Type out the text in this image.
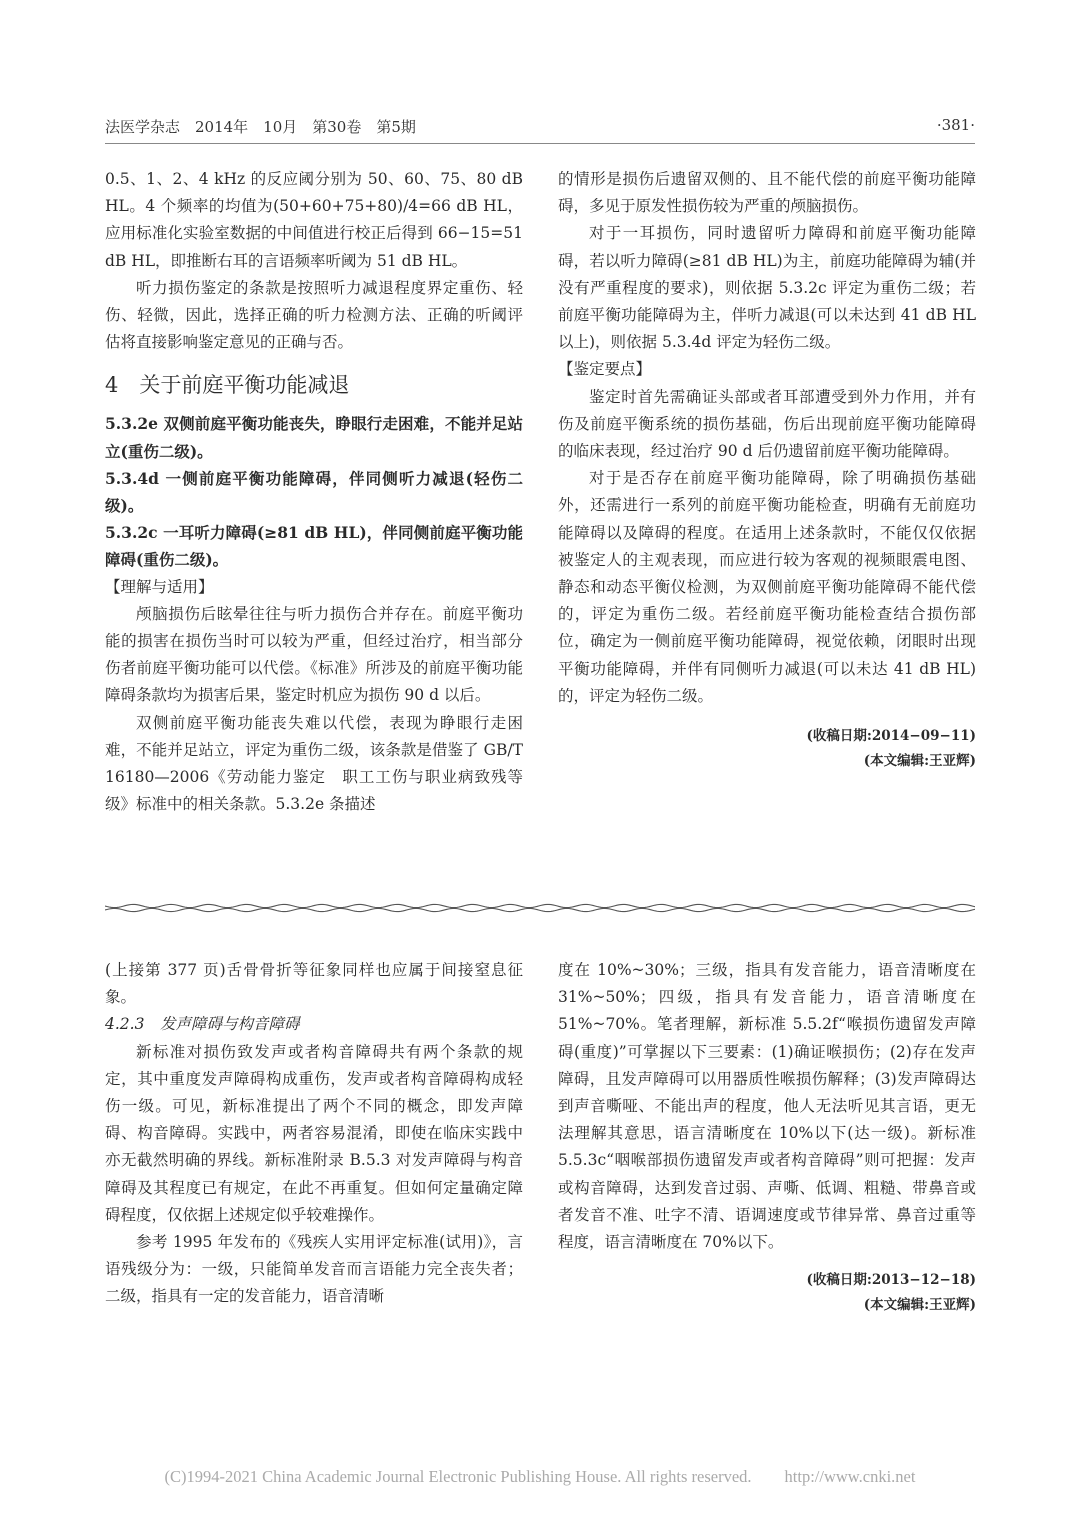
法医学杂志　2014年　10月　第30卷　第5期	·381·

0.5、1、2、4 kHz 的反应阈分别为 50、60、75、80 dB HL。4 个频率的均值为(50+60+75+80)/4=66 dB HL，应用标准化实验室数据的中间值进行校正后得到 66−15=51 dB HL，即推断右耳的言语频率听阈为 51 dB HL。

听力损伤鉴定的条款是按照听力减退程度界定重伤、轻伤、轻微，因此，选择正确的听力检测方法、正确的听阈评估将直接影响鉴定意见的正确与否。

4　关于前庭平衡功能减退

5.3.2e 双侧前庭平衡功能丧失，睁眼行走困难，不能并足站立(重伤二级)。

5.3.4d 一侧前庭平衡功能障碍，伴同侧听力减退(轻伤二级)。

5.3.2c 一耳听力障碍(≥81 dB HL)，伴同侧前庭平衡功能障碍(重伤二级)。

【理解与适用】

颅脑损伤后眩晕往往与听力损伤合并存在。前庭平衡功能的损害在损伤当时可以较为严重，但经过治疗，相当部分伤者前庭平衡功能可以代偿。《标准》所涉及的前庭平衡功能障碍条款均为损害后果，鉴定时机应为损伤 90 d 以后。

双侧前庭平衡功能丧失难以代偿，表现为睁眼行走困难，不能并足站立，评定为重伤二级，该条款是借鉴了 GB/T 16180—2006《劳动能力鉴定　职工工伤与职业病致残等级》标准中的相关条款。5.3.2e 条描述

的情形是损伤后遗留双侧的、且不能代偿的前庭平衡功能障碍，多见于原发性损伤较为严重的颅脑损伤。

对于一耳损伤，同时遗留听力障碍和前庭平衡功能障碍，若以听力障碍(≥81 dB HL)为主，前庭功能障碍为辅(并没有严重程度的要求)，则依据 5.3.2c 评定为重伤二级；若前庭平衡功能障碍为主，伴听力减退(可以未达到 41 dB HL 以上)，则依据 5.3.4d 评定为轻伤二级。

【鉴定要点】

鉴定时首先需确证头部或者耳部遭受到外力作用，并有伤及前庭平衡系统的损伤基础，伤后出现前庭平衡功能障碍的临床表现，经过治疗 90 d 后仍遗留前庭平衡功能障碍。

对于是否存在前庭平衡功能障碍，除了明确损伤基础外，还需进行一系列的前庭平衡功能检查，明确有无前庭功能障碍以及障碍的程度。在适用上述条款时，不能仅仅依据被鉴定人的主观表现，而应进行较为客观的视频眼震电图、静态和动态平衡仪检测，为双侧前庭平衡功能障碍不能代偿的，评定为重伤二级。若经前庭平衡功能检查结合损伤部位，确定为一侧前庭平衡功能障碍，视觉依赖，闭眼时出现平衡功能障碍，并伴有同侧听力减退(可以未达 41 dB HL)的，评定为轻伤二级。

(收稿日期:2014−09−11)

(本文编辑:王亚辉)

(上接第 377 页)舌骨骨折等征象同样也应属于间接窒息征象。

4.2.3　发声障碍与构音障碍

新标准对损伤致发声或者构音障碍共有两个条款的规定，其中重度发声障碍构成重伤，发声或者构音障碍构成轻伤一级。可见，新标准提出了两个不同的概念，即发声障碍、构音障碍。实践中，两者容易混淆，即使在临床实践中亦无截然明确的界线。新标准附录 B.5.3 对发声障碍与构音障碍及其程度已有规定，在此不再重复。但如何定量确定障碍程度，仅依据上述规定似乎较难操作。

参考 1995 年发布的《残疾人实用评定标准(试用)》，言语残级分为：一级，只能简单发音而言语能力完全丧失者；二级，指具有一定的发音能力，语音清晰

度在 10%~30%；三级，指具有发音能力，语音清晰度在 31%~50%；四级，指具有发音能力，语音清晰度在 51%~70%。笔者理解，新标准 5.5.2f“喉损伤遗留发声障碍(重度)”可掌握以下三要素：(1)确证喉损伤；(2)存在发声障碍，且发声障碍可以用器质性喉损伤解释；(3)发声障碍达到声音嘶哑、不能出声的程度，他人无法听见其言语，更无法理解其意思，语言清晰度在 10%以下(达一级)。新标准 5.5.3c“咽喉部损伤遗留发声或者构音障碍”则可把握：发声或构音障碍，达到发音过弱、声嘶、低调、粗糙、带鼻音或者发音不准、吐字不清、语调速度或节律异常、鼻音过重等程度，语言清晰度在 70%以下。

(收稿日期:2013−12−18)

(本文编辑:王亚辉)

(C)1994-2021 China Academic Journal Electronic Publishing House. All rights reserved.　　http://www.cnki.net
